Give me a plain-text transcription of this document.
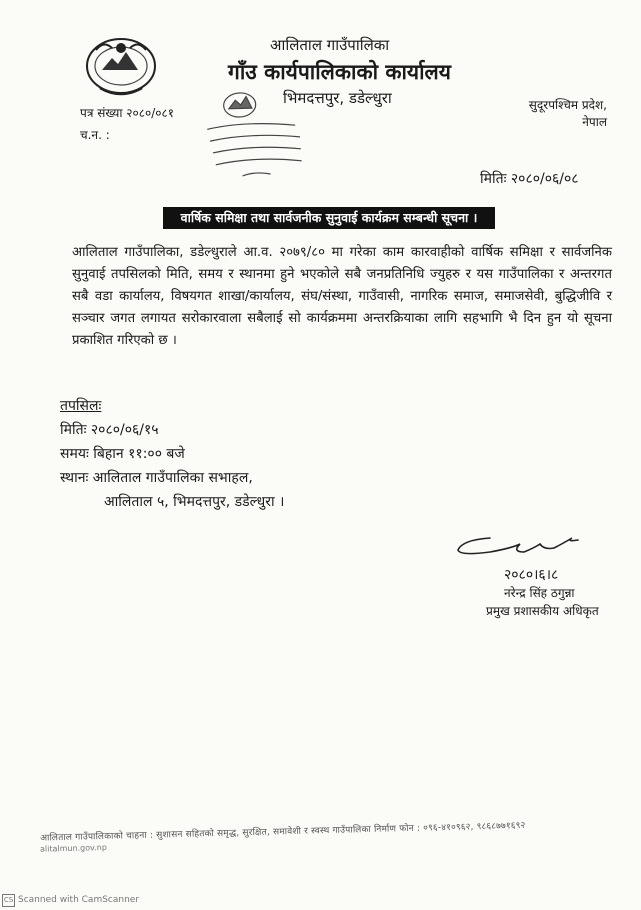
आलिताल गाउँपालिका
गाँउ कार्यपालिकाको कार्यालय
भिमदत्तपुर, डडेल्धुरा	सुदूरपश्चिम प्रदेश,
नेपाल
पत्र संख्या २०८०/०८१
च.न. :
मितिः २०८०/०६/०८
वार्षिक समिक्षा तथा सार्वजनीक सुनुवाई कार्यक्रम सम्बन्धी सूचना ।
आलिताल गाउँपालिका, डडेल्धुराले आ.व. २०७९/८० मा गरेका काम कारवाहीको वार्षिक समिक्षा र सार्वजनिक सुनुवाई तपसिलको मिति, समय र स्थानमा हुने भएकोले सबै जनप्रतिनिधि ज्युहरु र यस गाउँपालिका र अन्तरगत सबै वडा कार्यालय, विषयगत शाखा/कार्यालय, संघ/संस्था, गाउँवासी, नागरिक समाज, समाजसेवी, बुद्धिजीवि र सञ्चार जगत लगायत सरोकारवाला सबैलाई सो कार्यक्रममा अन्तरक्रियाका लागि सहभागि भै दिन हुन यो सूचना प्रकाशित गरिएको छ ।
तपसिलः
मितिः २०८०/०६/१५
समयः बिहान ११:०० बजे
स्थानः आलिताल गाउँपालिका सभाहल,
आलिताल ५, भिमदत्तपुर, डडेल्धुरा ।
२०८०।६।८
नरेन्द्र सिंह ठगुन्ना
प्रमुख प्रशासकीय अधिकृत
आलिताल गाउँपालिकाको चाहना : सुशासन सहितको समृद्ध, सुरक्षित, समावेशी र स्वस्थ गाउँपालिका निर्माण फोन : ०९६-४१०९६२, ९८६८७७१६९२
alitalmun.gov.np
CS Scanned with CamScanner
